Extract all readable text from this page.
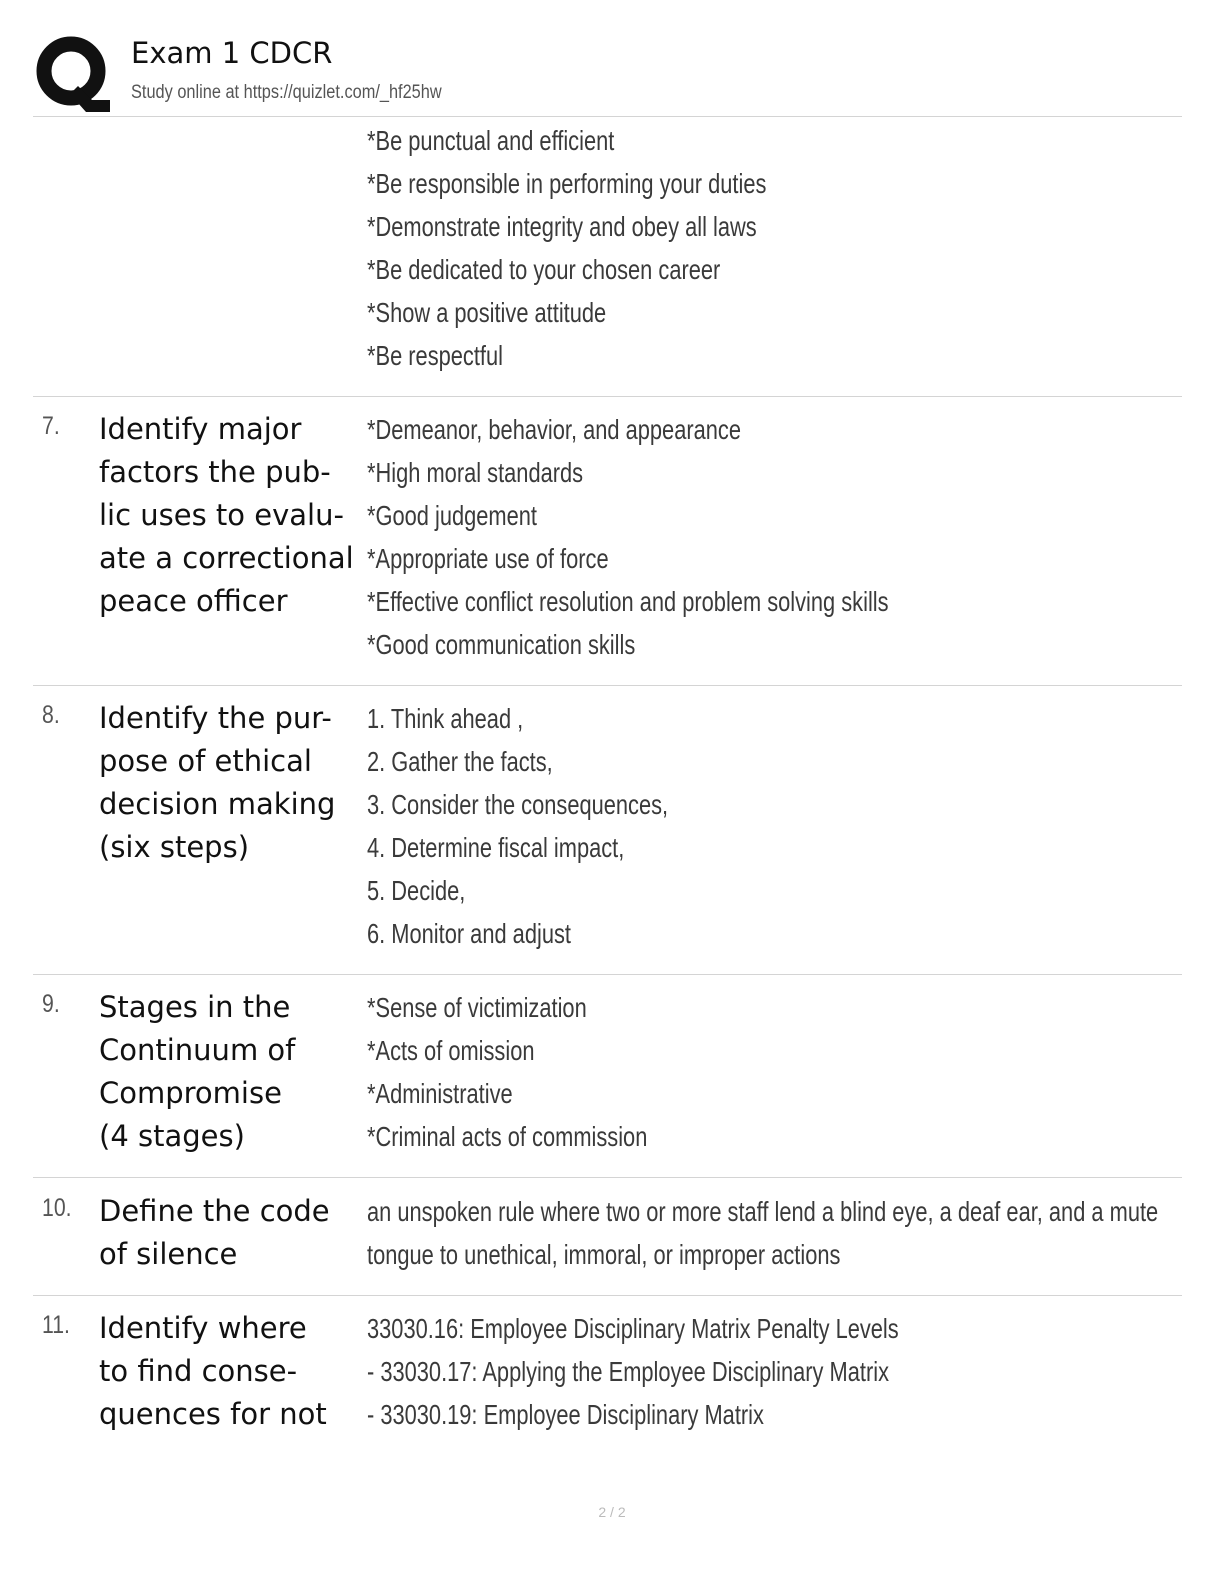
Exam 1 CDCR
Study online at https://quizlet.com/_hf25hw
*Be punctual and efficient
*Be responsible in performing your duties
*Demonstrate integrity and obey all laws
*Be dedicated to your chosen career
*Show a positive attitude
*Be respectful
7. Identify major
factors the pub-
lic uses to evalu-
ate a correctional
peace officer
*Demeanor, behavior, and appearance
*High moral standards
*Good judgement
*Appropriate use of force
*Effective conflict resolution and problem solving skills
*Good communication skills
8. Identify the pur-
pose of ethical
decision making
(six steps)
1. Think ahead ,
2. Gather the facts,
3. Consider the consequences,
4. Determine fiscal impact,
5. Decide,
6. Monitor and adjust
9. Stages in the
Continuum of
Compromise
(4 stages)
*Sense of victimization
*Acts of omission
*Administrative
*Criminal acts of commission
10. Define the code
of silence
an unspoken rule where two or more staff lend a blind eye, a deaf ear, and a mute
tongue to unethical, immoral, or improper actions
11. Identify where
to find conse-
quences for not
33030.16: Employee Disciplinary Matrix Penalty Levels
- 33030.17: Applying the Employee Disciplinary Matrix
- 33030.19: Employee Disciplinary Matrix
2 / 2
